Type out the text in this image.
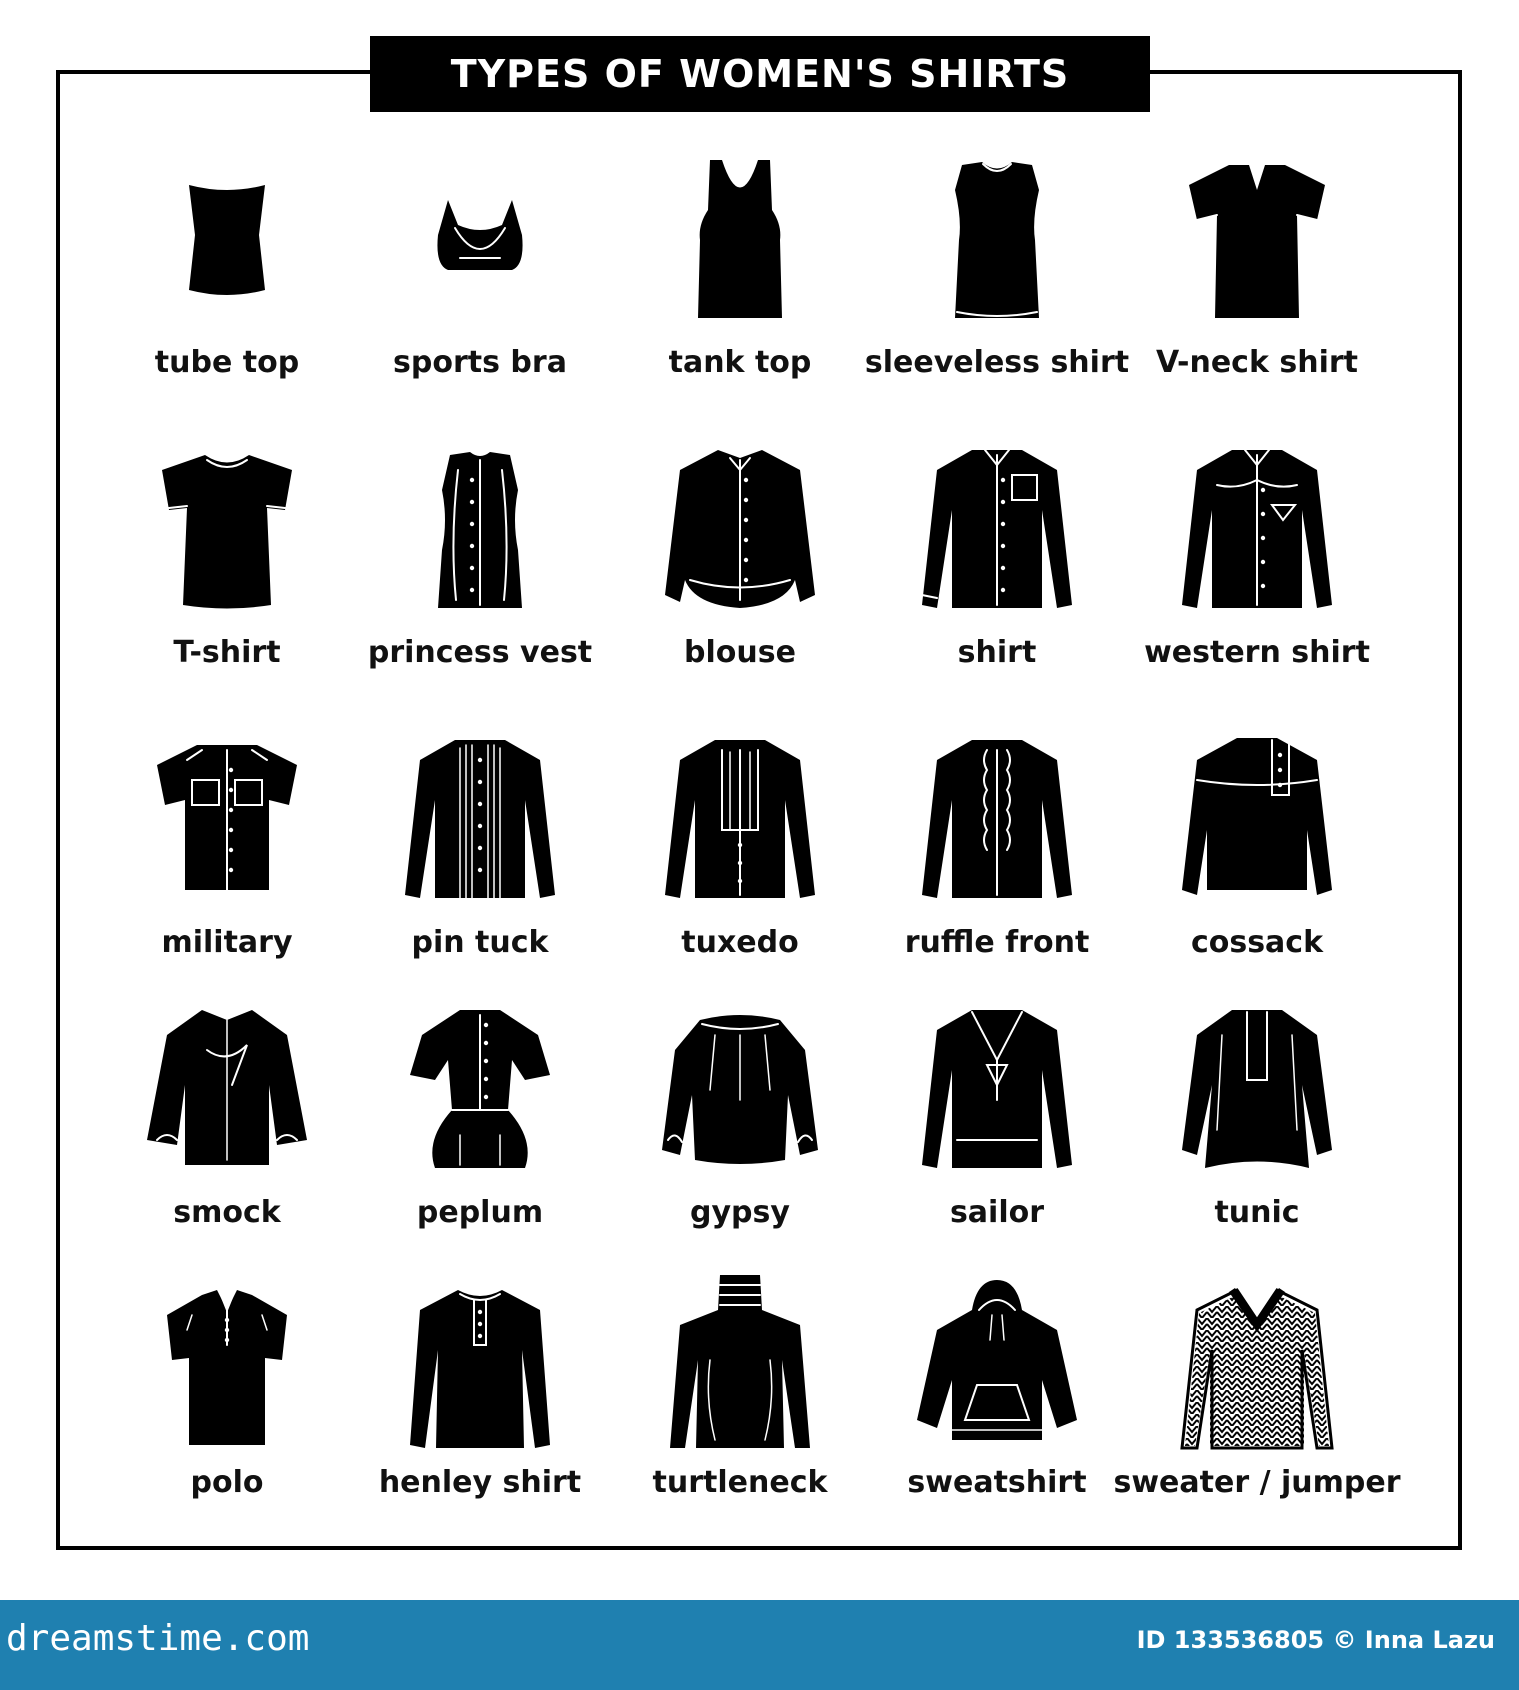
TYPES OF WOMEN'S SHIRTS
tube top	sports bra	tank top	sleeveless shirt V-neck shirt
T-shirt	princess vest	blouse	shirt	western shirt
military	pin tuck	tuxedo	ruffle front	cossack
smock	peplum	gypsy	sailor	tunic
polo	henley shirt	turtleneck	sweatshirt sweater / jumper
dreamstime.com	ID 133536805 © Inna Lazu
